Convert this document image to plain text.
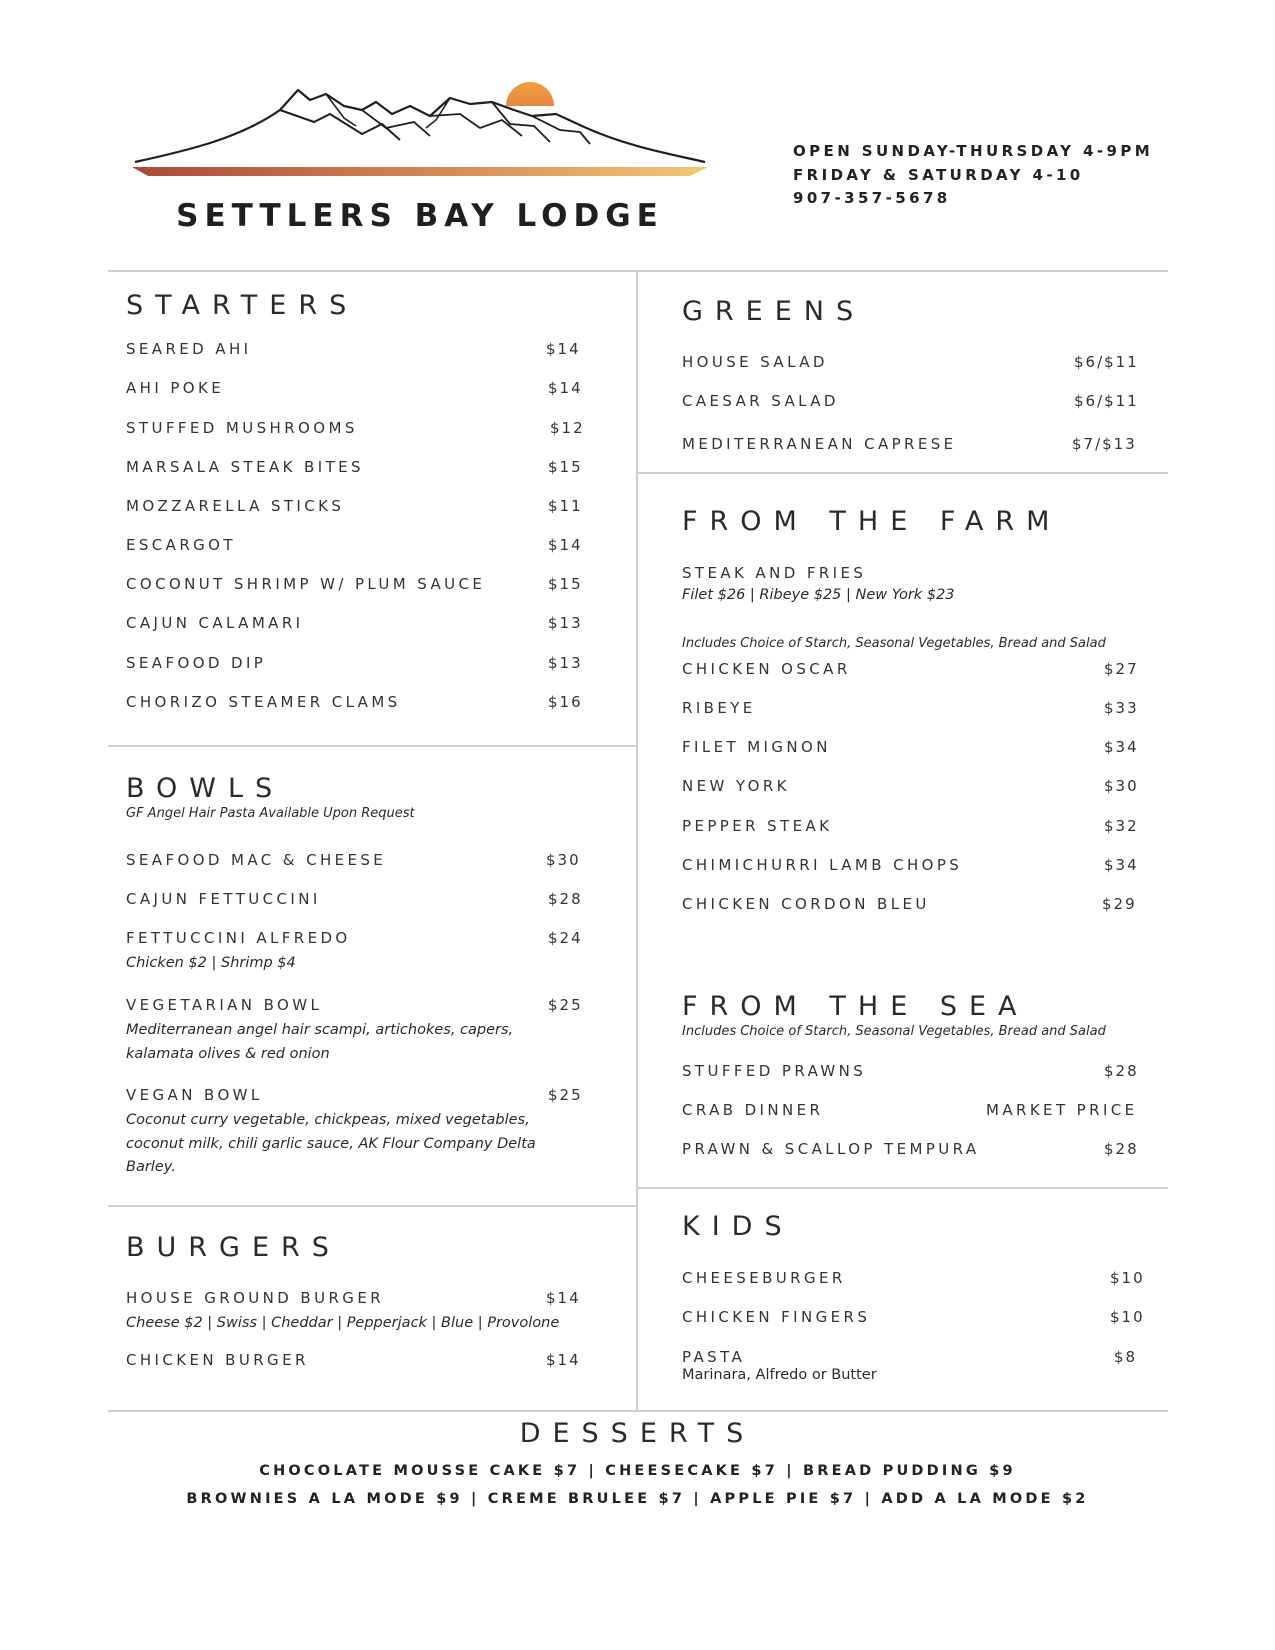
SETTLERS BAY LODGE
OPEN SUNDAY-THURSDAY 4-9PM
FRIDAY & SATURDAY 4-10
907-357-5678
STARTERS
SEARED AHI	$14
AHI POKE	$14
STUFFED MUSHROOMS	$12
MARSALA STEAK BITES	$15
MOZZARELLA STICKS	$11
ESCARGOT	$14
COCONUT SHRIMP W/ PLUM SAUCE	$15
CAJUN CALAMARI	$13
SEAFOOD DIP	$13
CHORIZO STEAMER CLAMS	$16
BOWLS
GF Angel Hair Pasta Available Upon Request
SEAFOOD MAC & CHEESE	$30
CAJUN FETTUCCINI	$28
FETTUCCINI ALFREDO	$24
Chicken $2 | Shrimp $4
VEGETARIAN BOWL	$25
Mediterranean angel hair scampi, artichokes, capers, kalamata olives & red onion
VEGAN BOWL	$25
Coconut curry vegetable, chickpeas, mixed vegetables, coconut milk, chili garlic sauce, AK Flour Company Delta Barley.
BURGERS
HOUSE GROUND BURGER	$14
Cheese $2 | Swiss | Cheddar | Pepperjack | Blue | Provolone
CHICKEN BURGER	$14
GREENS
HOUSE SALAD	$6/$11
CAESAR SALAD	$6/$11
MEDITERRANEAN CAPRESE	$7/$13
FROM THE FARM
STEAK AND FRIES
Filet $26 | Ribeye $25 | New York $23
Includes Choice of Starch, Seasonal Vegetables, Bread and Salad
CHICKEN OSCAR	$27
RIBEYE	$33
FILET MIGNON	$34
NEW YORK	$30
PEPPER STEAK	$32
CHIMICHURRI LAMB CHOPS	$34
CHICKEN CORDON BLEU	$29
FROM THE SEA
Includes Choice of Starch, Seasonal Vegetables, Bread and Salad
STUFFED PRAWNS	$28
CRAB DINNER	MARKET PRICE
PRAWN & SCALLOP TEMPURA	$28
KIDS
CHEESEBURGER	$10
CHICKEN FINGERS	$10
PASTA	$8
Marinara, Alfredo or Butter
DESSERTS
CHOCOLATE MOUSSE CAKE $7 | CHEESECAKE $7 | BREAD PUDDING $9
BROWNIES A LA MODE $9 | CREME BRULEE $7 | APPLE PIE $7 | ADD A LA MODE $2
